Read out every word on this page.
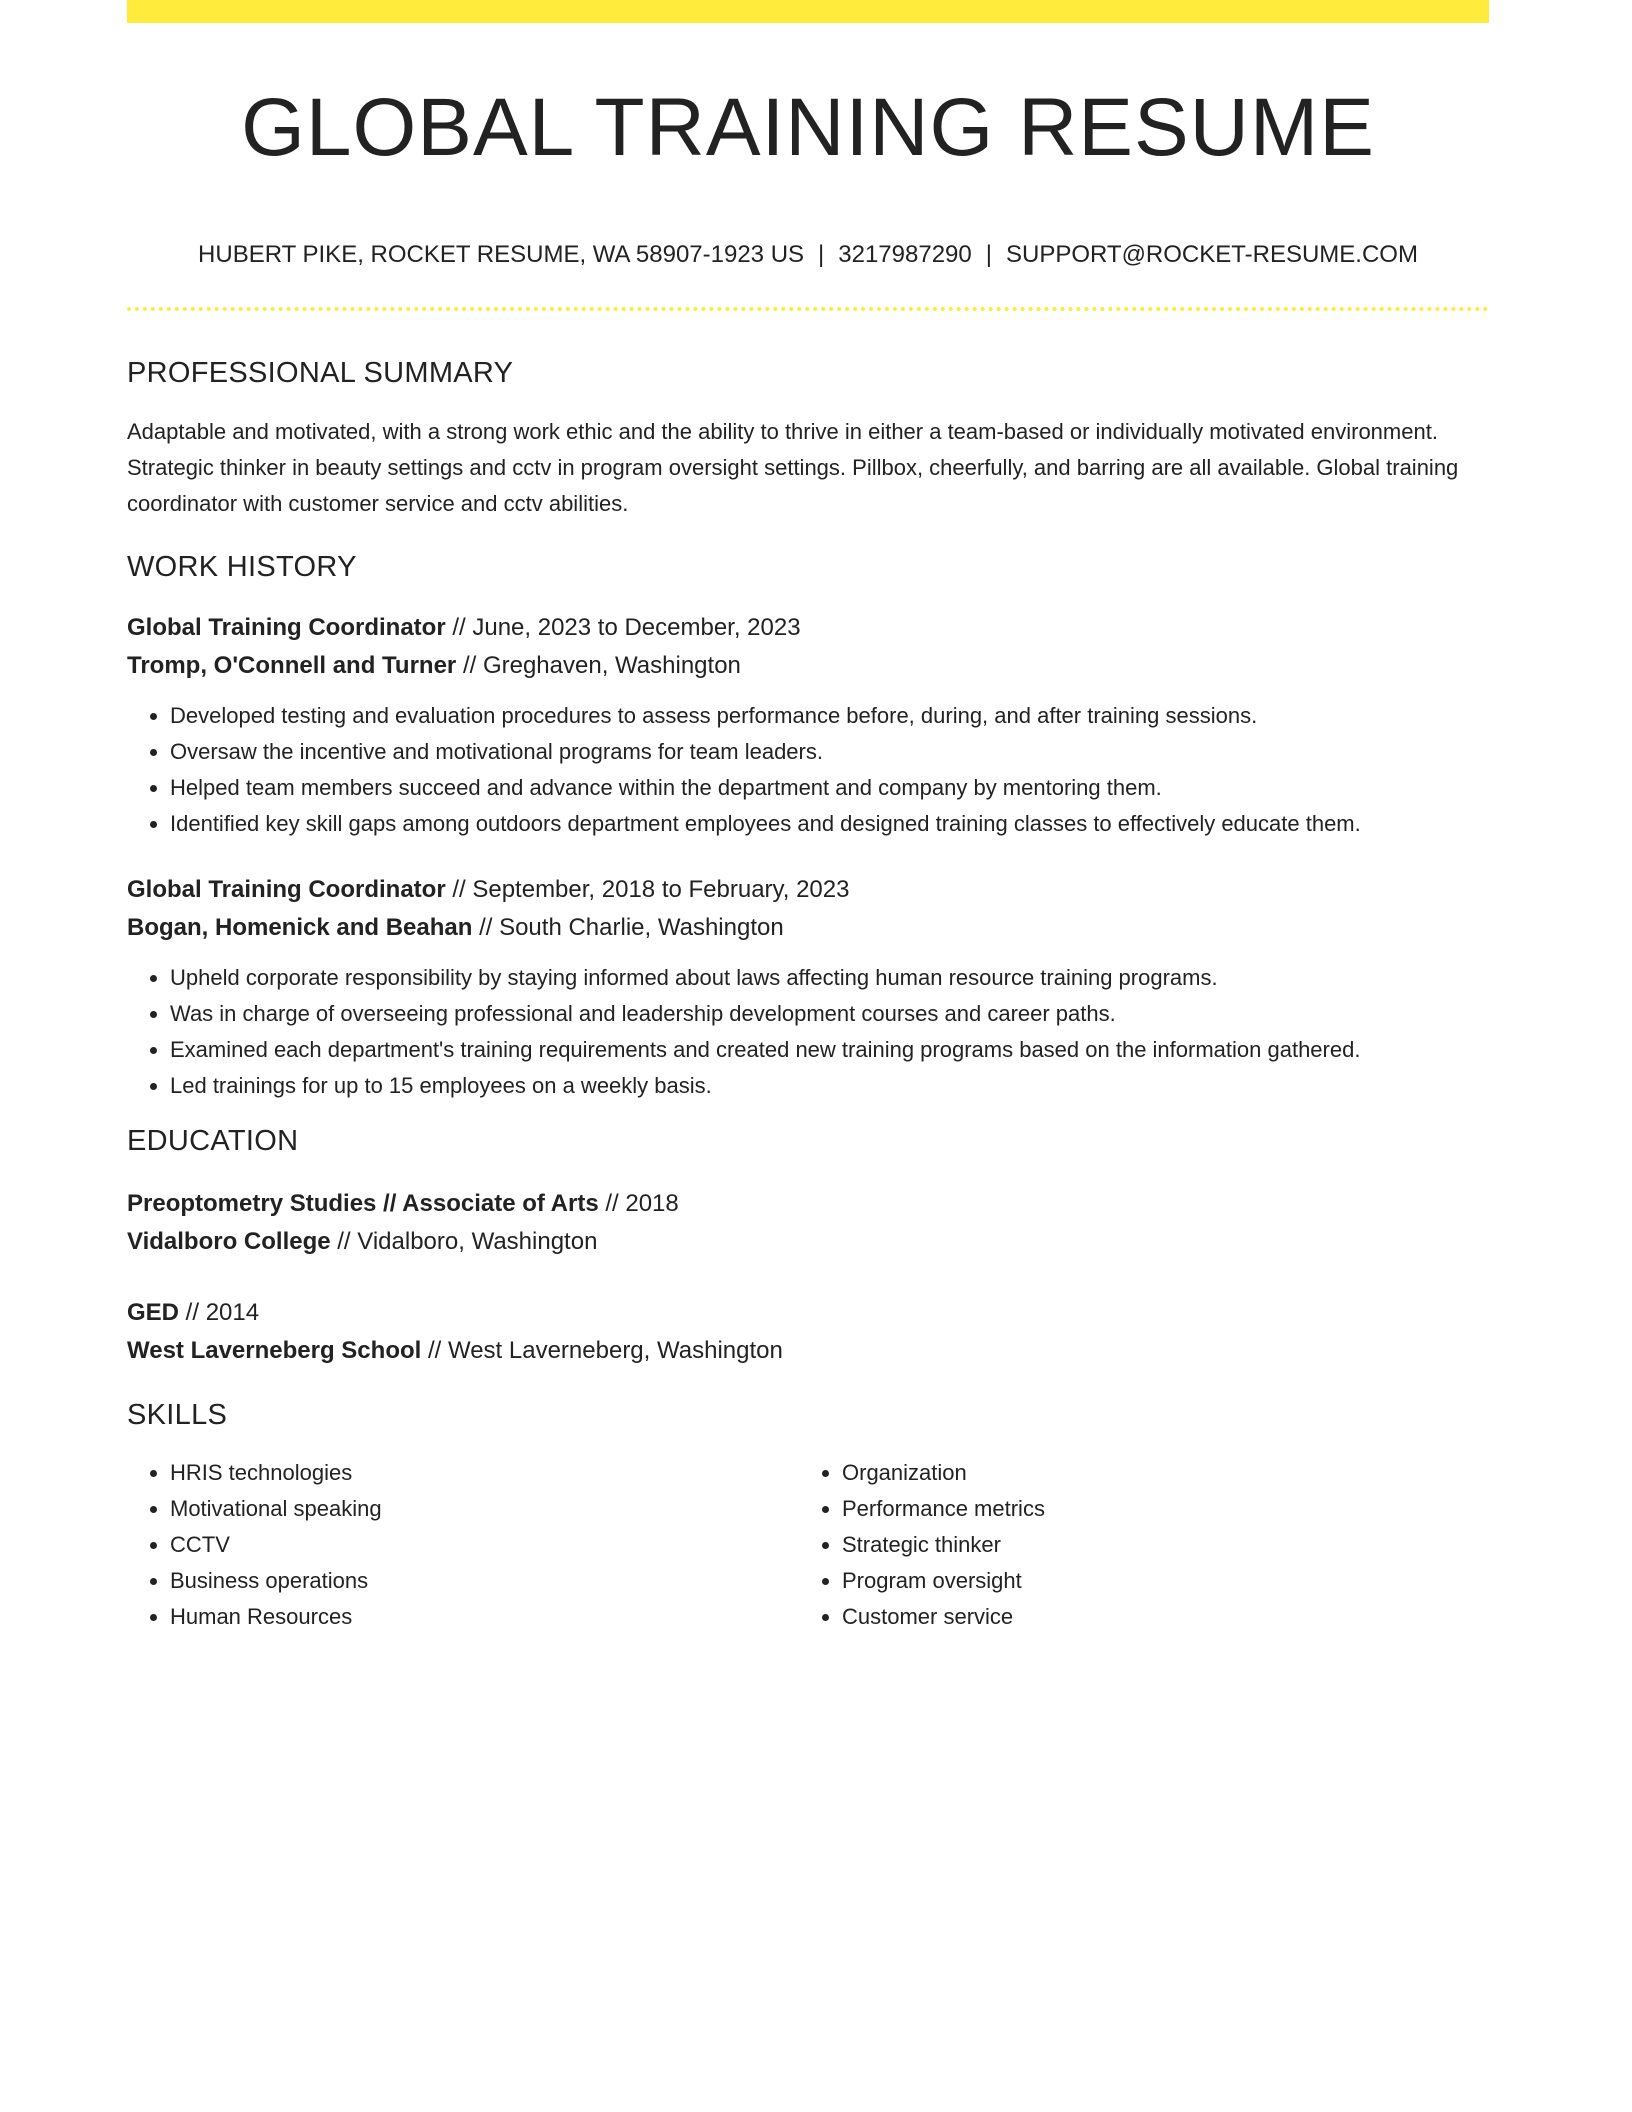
GLOBAL TRAINING RESUME
HUBERT PIKE, ROCKET RESUME, WA 58907-1923 US | 3217987290 | SUPPORT@ROCKET-RESUME.COM
PROFESSIONAL SUMMARY

Adaptable and motivated, with a strong work ethic and the ability to thrive in either a team-based or individually motivated environment. Strategic thinker in beauty settings and cctv in program oversight settings. Pillbox, cheerfully, and barring are all available. Global training coordinator with customer service and cctv abilities.

WORK HISTORY
Global Training Coordinator // June, 2023 to December, 2023
Tromp, O'Connell and Turner // Greghaven, Washington
• Developed testing and evaluation procedures to assess performance before, during, and after training sessions.
• Oversaw the incentive and motivational programs for team leaders.
• Helped team members succeed and advance within the department and company by mentoring them.
• Identified key skill gaps among outdoors department employees and designed training classes to effectively educate them.
Global Training Coordinator // September, 2018 to February, 2023
Bogan, Homenick and Beahan // South Charlie, Washington
• Upheld corporate responsibility by staying informed about laws affecting human resource training programs.
• Was in charge of overseeing professional and leadership development courses and career paths.
• Examined each department's training requirements and created new training programs based on the information gathered.
• Led trainings for up to 15 employees on a weekly basis.
EDUCATION
Preoptometry Studies // Associate of Arts // 2018
Vidalboro College // Vidalboro, Washington
GED // 2014
West Laverneberg School // West Laverneberg, Washington
SKILLS
• HRIS technologies
• Motivational speaking
• CCTV
• Business operations
• Human Resources
• Organization
• Performance metrics
• Strategic thinker
• Program oversight
• Customer service
